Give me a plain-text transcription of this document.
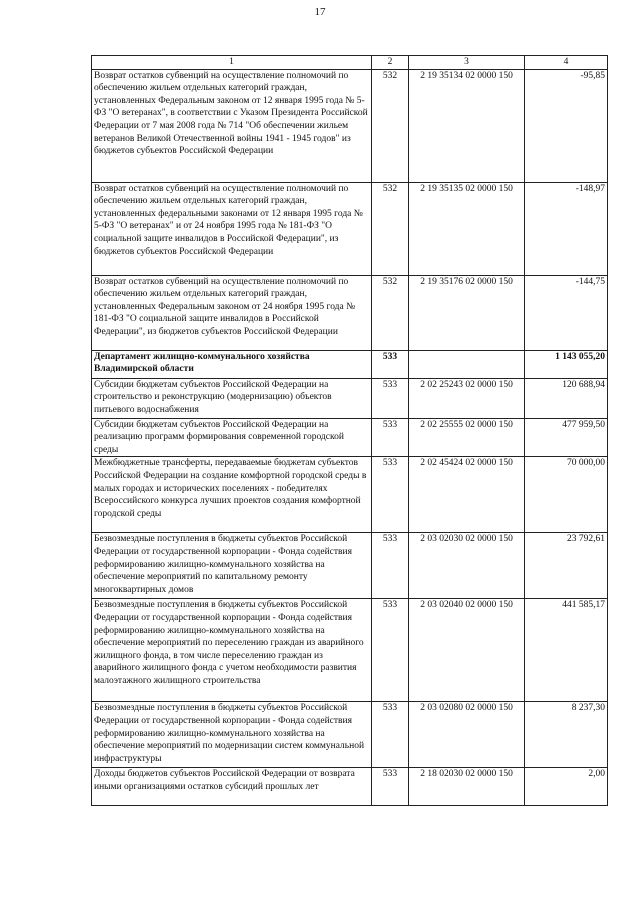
17
1	2	3	4
Возврат остатков субвенций на осуществление полномочий по обеспечению жильем отдельных категорий граждан, установленных Федеральным законом от 12 января 1995 года № 5-ФЗ "О ветеранах", в соответствии с Указом Президента Российской Федерации от 7 мая 2008 года № 714 "Об обеспечении жильем ветеранов Великой Отечественной войны 1941 - 1945 годов" из бюджетов субъектов Российской Федерации	532	2 19 35134 02 0000 150	-95,85
Возврат остатков субвенций на осуществление полномочий по обеспечению жильем отдельных категорий граждан, установленных федеральными законами от 12 января 1995 года № 5-ФЗ "О ветеранах" и от 24 ноября 1995 года № 181-ФЗ "О социальной защите инвалидов в Российской Федерации", из бюджетов субъектов Российской Федерации	532	2 19 35135 02 0000 150	-148,97
Возврат остатков субвенций на осуществление полномочий по обеспечению жильем отдельных категорий граждан, установленных Федеральным законом от 24 ноября 1995 года № 181-ФЗ "О социальной защите инвалидов в Российской Федерации", из бюджетов субъектов Российской Федерации	532	2 19 35176 02 0000 150	-144,75
Департамент жилищно-коммунального хозяйства Владимирской области	533		1 143 055,20
Субсидии бюджетам субъектов Российской Федерации на строительство и реконструкцию (модернизацию) объектов питьевого водоснабжения	533	2 02 25243 02 0000 150	120 688,94
Субсидии бюджетам субъектов Российской Федерации на реализацию программ формирования современной городской среды	533	2 02 25555 02 0000 150	477 959,50
Межбюджетные трансферты, передаваемые бюджетам субъектов Российской Федерации на создание комфортной городской среды в малых городах и исторических поселениях - победителях Всероссийского конкурса лучших проектов создания комфортной городской среды	533	2 02 45424 02 0000 150	70 000,00
Безвозмездные поступления в бюджеты субъектов Российской Федерации от государственной корпорации - Фонда содействия реформированию жилищно-коммунального хозяйства на обеспечение мероприятий по капитальному ремонту многоквартирных домов	533	2 03 02030 02 0000 150	23 792,61
Безвозмездные поступления в бюджеты субъектов Российской Федерации от государственной корпорации - Фонда содействия реформированию жилищно-коммунального хозяйства на обеспечение мероприятий по переселению граждан из аварийного жилищного фонда, в том числе переселению граждан из аварийного жилищного фонда с учетом необходимости развития малоэтажного жилищного строительства	533	2 03 02040 02 0000 150	441 585,17
Безвозмездные поступления в бюджеты субъектов Российской Федерации от государственной корпорации - Фонда содействия реформированию жилищно-коммунального хозяйства на обеспечение мероприятий по модернизации систем коммунальной инфраструктуры	533	2 03 02080 02 0000 150	8 237,30
Доходы бюджетов субъектов Российской Федерации от возврата иными организациями остатков субсидий прошлых лет	533	2 18 02030 02 0000 150	2,00
